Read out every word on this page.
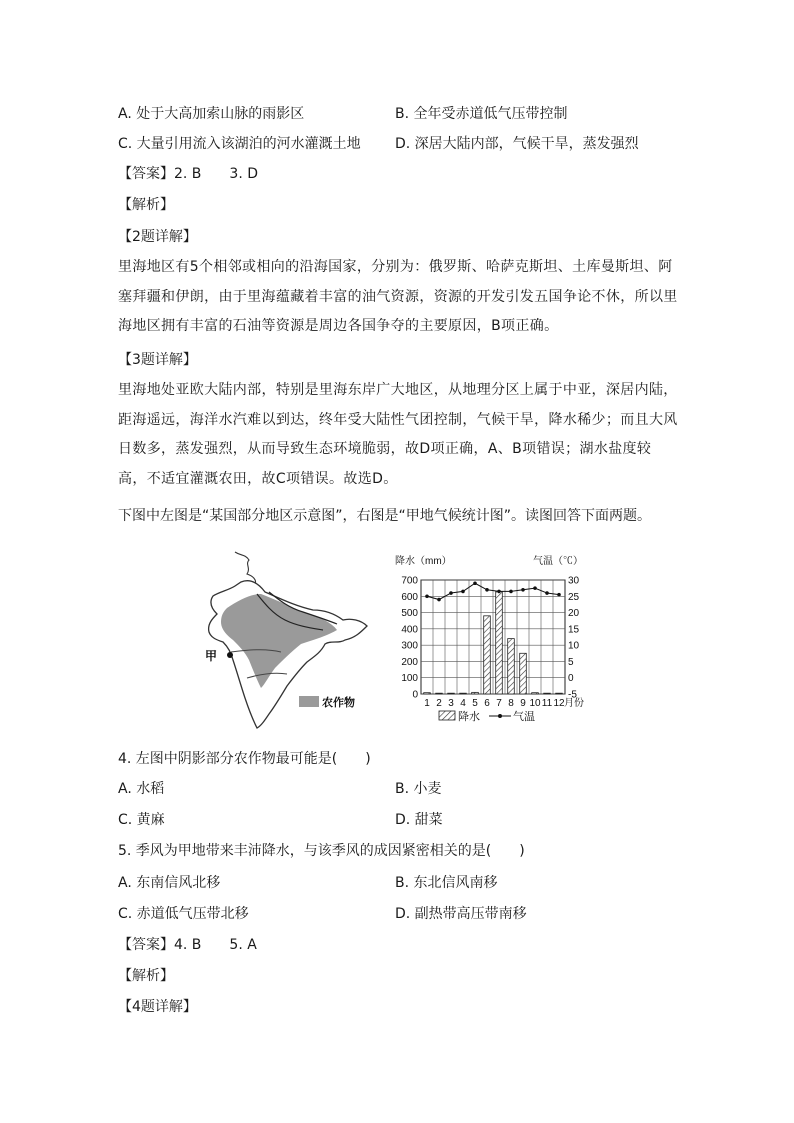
A. 处于大高加索山脉的雨影区	B. 全年受赤道低气压带控制
C. 大量引用流入该湖泊的河水灌溉土地 D. 深居大陆内部，气候干旱，蒸发强烈
【答案】2. B　　3. D
【解析】
【2题详解】
里海地区有5个相邻或相向的沿海国家，分别为：俄罗斯、哈萨克斯坦、土库曼斯坦、阿塞拜疆和伊朗，由于里海蕴藏着丰富的油气资源，资源的开发引发五国争论不休，所以里海地区拥有丰富的石油等资源是周边各国争夺的主要原因，B项正确。
【3题详解】
里海地处亚欧大陆内部，特别是里海东岸广大地区，从地理分区上属于中亚，深居内陆，距海遥远，海洋水汽难以到达，终年受大陆性气团控制，气候干旱，降水稀少；而且大风日数多，蒸发强烈，从而导致生态环境脆弱，故D项正确，A、B项错误；湖水盐度较高，不适宜灌溉农田，故C项错误。故选D。
下图中左图是“某国部分地区示意图”，右图是“甲地气候统计图”。读图回答下面两题。
甲
农作物
降水（mm）	气温（℃）
0
100
200
300
400
500
600
700
-5
0
5
10
15
20
25
30
1 2 3 4 5 6 7 8 9 10 11 12 月份
降水	气温
4. 左图中阴影部分农作物最可能是(　　)
A. 水稻	B. 小麦
C. 黄麻	D. 甜菜
5. 季风为甲地带来丰沛降水，与该季风的成因紧密相关的是(　　)
A. 东南信风北移	B. 东北信风南移
C. 赤道低气压带北移	D. 副热带高压带南移
【答案】4. B　　5. A
【解析】
【4题详解】
